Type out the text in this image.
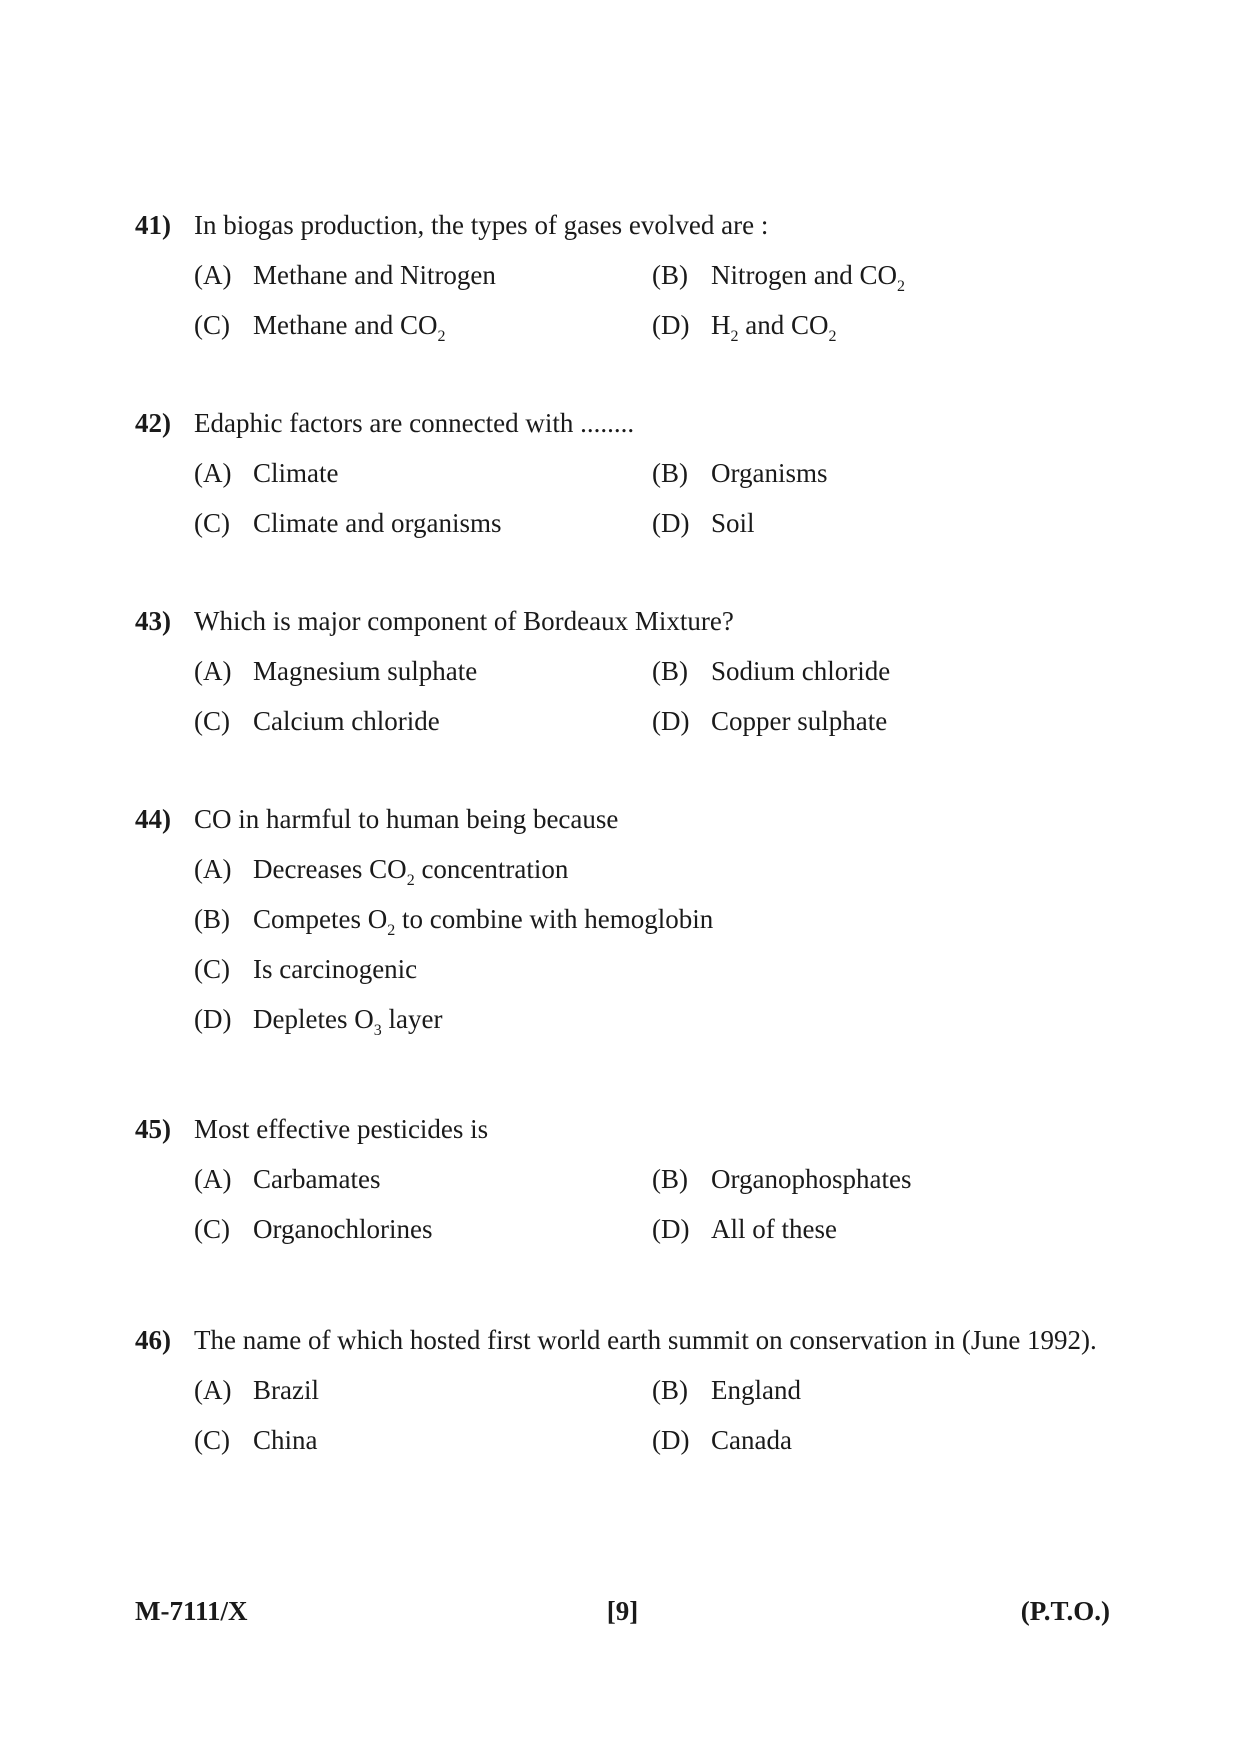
41) In biogas production, the types of gases evolved are :
(A) Methane and Nitrogen	(B) Nitrogen and $CO_2$
(C) Methane and $CO_2$	(D) $H_2$ and $CO_2$
42) Edaphic factors are connected with ........
(A) Climate	(B) Organisms
(C) Climate and organisms	(D) Soil
43) Which is major component of Bordeaux Mixture?
(A) Magnesium sulphate	(B) Sodium chloride
(C) Calcium chloride	(D) Copper sulphate
44) CO in harmful to human being because
(A) Decreases $CO_2$ concentration
(B) Competes $O_2$ to combine with hemoglobin
(C) Is carcinogenic
(D) Depletes $O_3$ layer
45) Most effective pesticides is
(A) Carbamates	(B) Organophosphates
(C) Organochlorines	(D) All of these
46) The name of which hosted first world earth summit on conservation in (June 1992).
(A) Brazil	(B) England
(C) China	(D) Canada
M-7111/X	[9]	(P.T.O.)
